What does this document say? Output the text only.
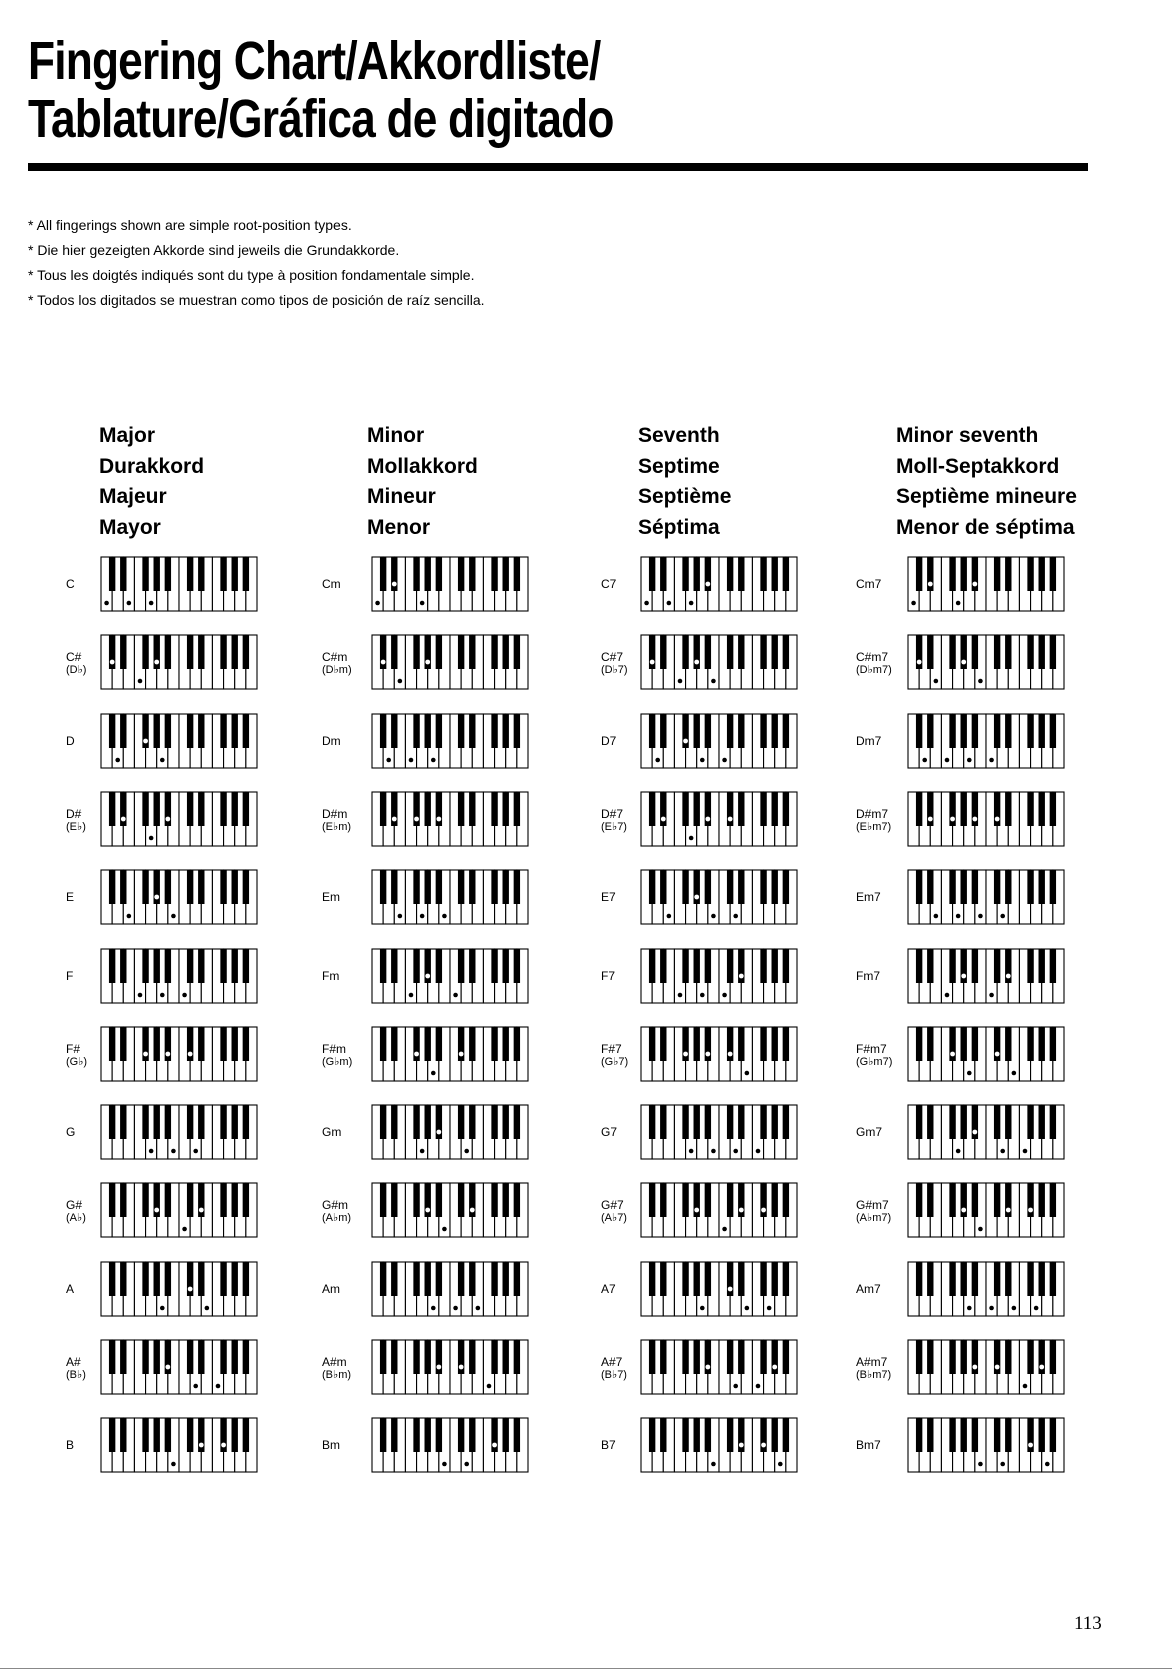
Fingering Chart/Akkordliste/
Tablature/Gráfica de digitado
* All fingerings shown are simple root-position types.
* Die hier gezeigten Akkorde sind jeweils die Grundakkorde.
* Tous les doigtés indiqués sont du type à position fondamentale simple.
* Todos los digitados se muestran como tipos de posición de raíz sencilla.
Major
Durakkord
Majeur
Mayor
Minor
Mollakkord
Mineur
Menor
Seventh
Septime
Septième
Séptima
Minor seventh
Moll-Septakkord
Septième mineure
Menor de séptima
C
C#
(D♭)
D
D#
(E♭)
E
F
F#
(G♭)
G
G#
(A♭)
A
A#
(B♭)
B
Cm
C#m
(D♭m)
Dm
D#m
(E♭m)
Em
Fm
F#m
(G♭m)
Gm
G#m
(A♭m)
Am
A#m
(B♭m)
Bm
C7
C#7
(D♭7)
D7
D#7
(E♭7)
E7
F7
F#7
(G♭7)
G7
G#7
(A♭7)
A7
A#7
(B♭7)
B7
Cm7
C#m7
(D♭m7)
Dm7
D#m7
(E♭m7)
Em7
Fm7
F#m7
(G♭m7)
Gm7
G#m7
(A♭m7)
Am7
A#m7
(B♭m7)
Bm7
113
